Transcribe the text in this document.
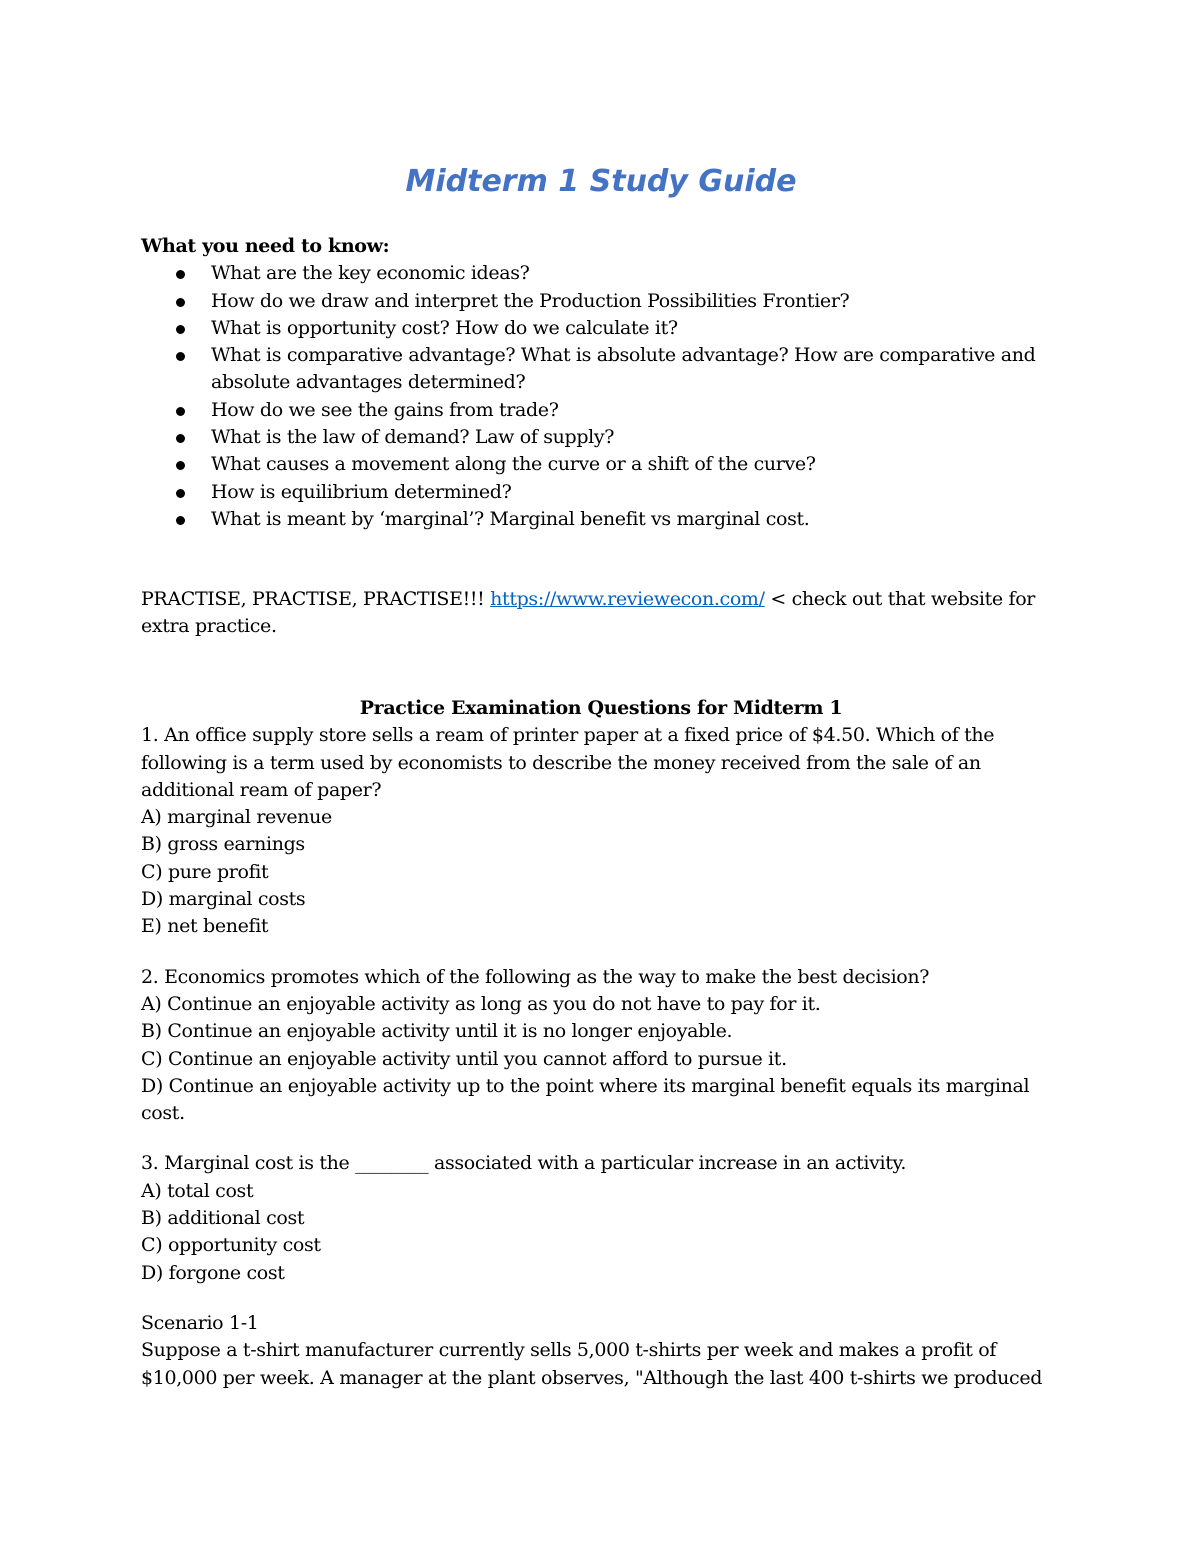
Midterm 1 Study Guide

What you need to know:

What are the key economic ideas?
How do we draw and interpret the Production Possibilities Frontier?
What is opportunity cost? How do we calculate it?
What is comparative advantage? What is absolute advantage? How are comparative and absolute advantages determined?
How do we see the gains from trade?
What is the law of demand? Law of supply?
What causes a movement along the curve or a shift of the curve?
How is equilibrium determined?
What is meant by ‘marginal’? Marginal benefit vs marginal cost.

PRACTISE, PRACTISE, PRACTISE!!! https://www.reviewecon.com/ < check out that website for extra practice.

Practice Examination Questions for Midterm 1

1. An office supply store sells a ream of printer paper at a fixed price of $4.50. Which of the following is a term used by economists to describe the money received from the sale of an additional ream of paper?

A) marginal revenue

B) gross earnings

C) pure profit

D) marginal costs

E) net benefit

2. Economics promotes which of the following as the way to make the best decision?

A) Continue an enjoyable activity as long as you do not have to pay for it.

B) Continue an enjoyable activity until it is no longer enjoyable.

C) Continue an enjoyable activity until you cannot afford to pursue it.

D) Continue an enjoyable activity up to the point where its marginal benefit equals its marginal cost.

3. Marginal cost is the ________ associated with a particular increase in an activity.

A) total cost

B) additional cost

C) opportunity cost

D) forgone cost

Scenario 1-1

Suppose a t-shirt manufacturer currently sells 5,000 t-shirts per week and makes a profit of $10,000 per week. A manager at the plant observes, "Although the last 400 t-shirts we produced
